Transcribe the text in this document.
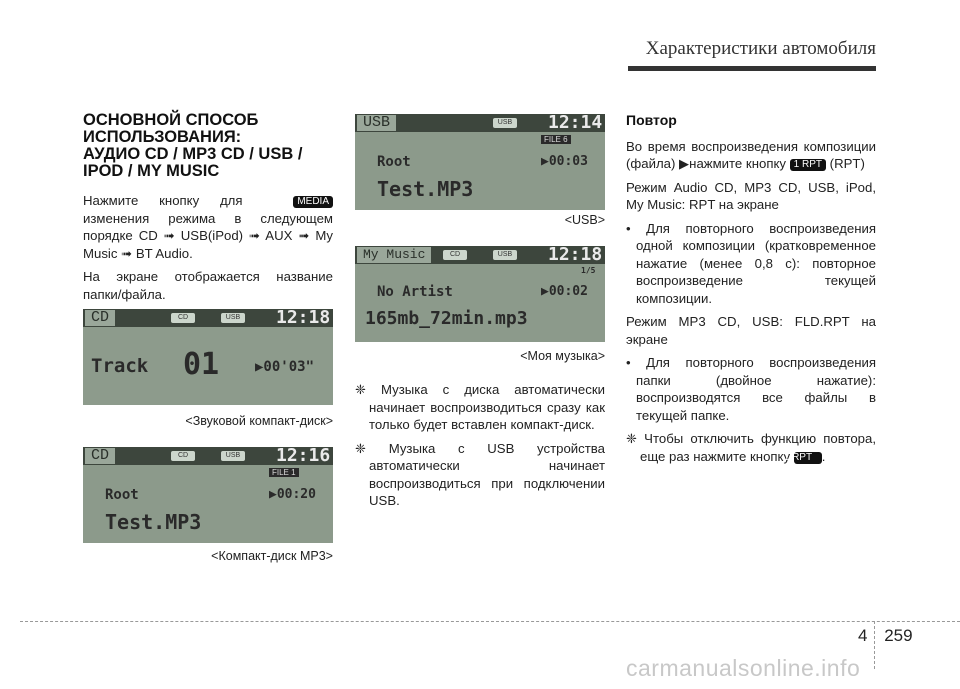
Характеристики автомобиля
ОСНОВНОЙ СПОСОБ
ИСПОЛЬЗОВАНИЯ:
АУДИО CD / MP3 CD / USB /
IPOD / MY MUSIC

Нажмите кнопку для	MEDIA изменения режима в следующем порядке CD ➟ USB(iPod) ➟ AUX ➟ My Music ➟ BT Audio.

На экране отображается название папки/файла.

CD	CD	USB 12:18
Track 01	▶00'03"
<Звуковой компакт-диск>
CD	CD	USB 12:16
FILE 1
Root	▶00:20
Test.MP3
<Компакт-диск MP3>
USB	USB 12:14
FILE 6
Root	▶00:03
Test.MP3
<USB>
My Music	CD	USB 12:18
1/5
No Artist	▶00:02
165mb_72min.mp3
<Моя музыка>

❈ Музыка с диска автоматически начинает воспроизводиться сразу как только будет вставлен компакт-диск.

❈ Музыка с USB устройства автоматически начинает воспроизводиться при подключении USB.

Повтор

Во время воспроизведения композиции (файла) ▶нажмите кнопку 1 RPT (RPT)

Режим Audio CD, MP3 CD, USB, iPod, My Music: RPT на экране

• Для повторного воспроизведения одной композиции (кратковременное нажатие (менее 0,8 с): повторное воспроизведение текущей композиции.

Режим MP3 CD, USB: FLD.RPT на экране

• Для повторного воспроизведения папки (двойное нажатие): воспроизводятся все файлы в текущей папке.

❈ Чтобы отключить функцию повтора, еще раз нажмите кнопку 1 RPT .

4 259
carmanualsonline.info
